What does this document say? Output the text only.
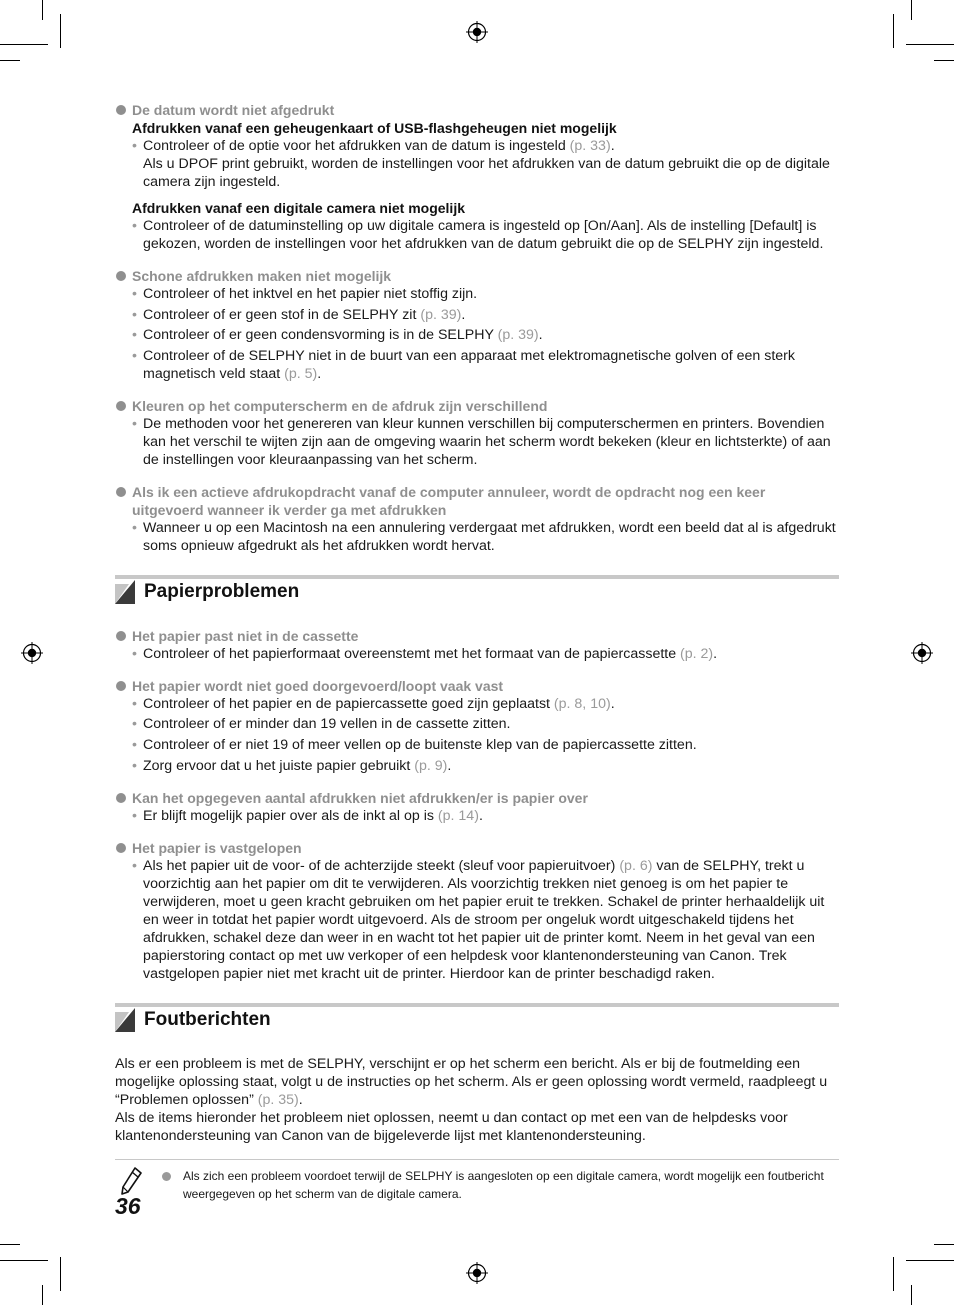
De datum wordt niet afgedrukt
Afdrukken vanaf een geheugenkaart of USB-flashgeheugen niet mogelijk
• Controleer of de optie voor het afdrukken van de datum is ingesteld (p. 33).
Als u DPOF print gebruikt, worden de instellingen voor het afdrukken van de datum gebruikt die op de digitale camera zijn ingesteld.
Afdrukken vanaf een digitale camera niet mogelijk
• Controleer of de datuminstelling op uw digitale camera is ingesteld op [On/Aan]. Als de instelling [Default] is gekozen, worden de instellingen voor het afdrukken van de datum gebruikt die op de SELPHY zijn ingesteld.
Schone afdrukken maken niet mogelijk
• Controleer of het inktvel en het papier niet stoffig zijn.
• Controleer of er geen stof in de SELPHY zit (p. 39).
• Controleer of er geen condensvorming is in de SELPHY (p. 39).
• Controleer of de SELPHY niet in de buurt van een apparaat met elektromagnetische golven of een sterk magnetisch veld staat (p. 5).
Kleuren op het computerscherm en de afdruk zijn verschillend
• De methoden voor het genereren van kleur kunnen verschillen bij computerschermen en printers. Bovendien kan het verschil te wijten zijn aan de omgeving waarin het scherm wordt bekeken (kleur en lichtsterkte) of aan de instellingen voor kleuraanpassing van het scherm.
Als ik een actieve afdrukopdracht vanaf de computer annuleer, wordt de opdracht nog een keer uitgevoerd wanneer ik verder ga met afdrukken
• Wanneer u op een Macintosh na een annulering verdergaat met afdrukken, wordt een beeld dat al is afgedrukt soms opnieuw afgedrukt als het afdrukken wordt hervat.
Papierproblemen
Het papier past niet in de cassette
• Controleer of het papierformaat overeenstemt met het formaat van de papiercassette (p. 2).
Het papier wordt niet goed doorgevoerd/loopt vaak vast
• Controleer of het papier en de papiercassette goed zijn geplaatst (p. 8, 10).
• Controleer of er minder dan 19 vellen in de cassette zitten.
• Controleer of er niet 19 of meer vellen op de buitenste klep van de papiercassette zitten.
• Zorg ervoor dat u het juiste papier gebruikt (p. 9).
Kan het opgegeven aantal afdrukken niet afdrukken/er is papier over
• Er blijft mogelijk papier over als de inkt al op is (p. 14).
Het papier is vastgelopen
• Als het papier uit de voor- of de achterzijde steekt (sleuf voor papieruitvoer) (p. 6) van de SELPHY, trekt u voorzichtig aan het papier om dit te verwijderen. Als voorzichtig trekken niet genoeg is om het papier te verwijderen, moet u geen kracht gebruiken om het papier eruit te trekken. Schakel de printer herhaaldelijk uit en weer in totdat het papier wordt uitgevoerd. Als de stroom per ongeluk wordt uitgeschakeld tijdens het afdrukken, schakel deze dan weer in en wacht tot het papier uit de printer komt. Neem in het geval van een papierstoring contact op met uw verkoper of een helpdesk voor klantenondersteuning van Canon. Trek vastgelopen papier niet met kracht uit de printer. Hierdoor kan de printer beschadigd raken.
Foutberichten

Als er een probleem is met de SELPHY, verschijnt er op het scherm een bericht. Als er bij de foutmelding een mogelijke oplossing staat, volgt u de instructies op het scherm. Als er geen oplossing wordt vermeld, raadpleegt u “Problemen oplossen” (p. 35).
Als de items hieronder het probleem niet oplossen, neemt u dan contact op met een van de helpdesks voor klantenondersteuning van Canon van de bijgeleverde lijst met klantenondersteuning.

Als zich een probleem voordoet terwijl de SELPHY is aangesloten op een digitale camera, wordt mogelijk een foutbericht weergegeven op het scherm van de digitale camera.
36
